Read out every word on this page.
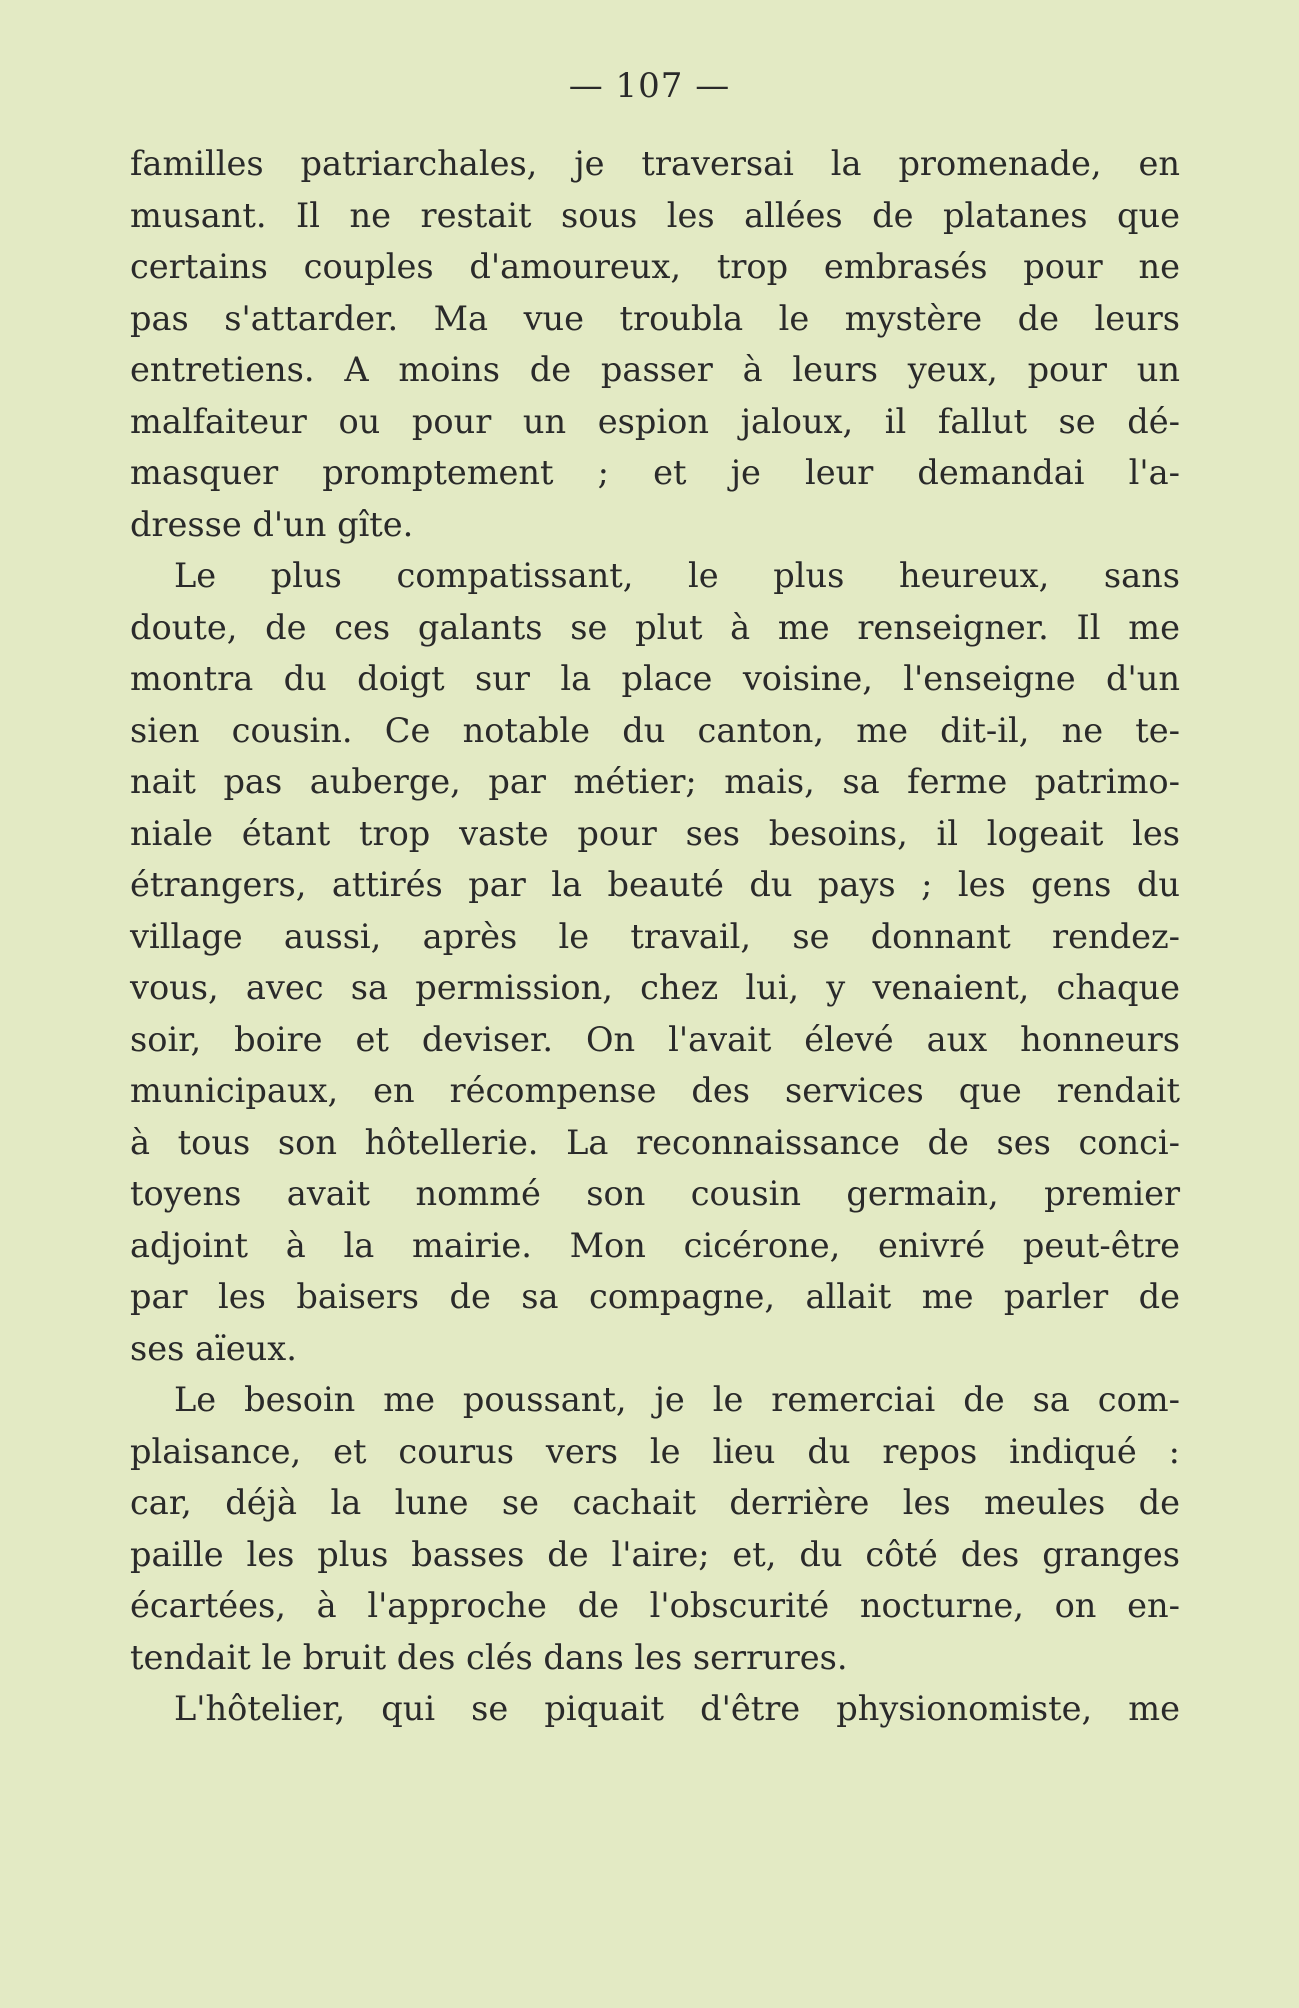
— 107 —
familles patriarchales, je traversai la promenade, en
musant. Il ne restait sous les allées de platanes que
certains couples d'amoureux, trop embrasés pour ne
pas s'attarder. Ma vue troubla le mystère de leurs
entretiens. A moins de passer à leurs yeux, pour un
malfaiteur ou pour un espion jaloux, il fallut se dé-
masquer promptement ; et je leur demandai l'a-
dresse d'un gîte.
Le plus compatissant, le plus heureux, sans
doute, de ces galants se plut à me renseigner. Il me
montra du doigt sur la place voisine, l'enseigne d'un
sien cousin. Ce notable du canton, me dit-il, ne te-
nait pas auberge, par métier; mais, sa ferme patrimo-
niale étant trop vaste pour ses besoins, il logeait les
étrangers, attirés par la beauté du pays ; les gens du
village aussi, après le travail, se donnant rendez-
vous, avec sa permission, chez lui, y venaient, chaque
soir, boire et deviser. On l'avait élevé aux honneurs
municipaux, en récompense des services que rendait
à tous son hôtellerie. La reconnaissance de ses conci-
toyens avait nommé son cousin germain, premier
adjoint à la mairie. Mon cicérone, enivré peut-être
par les baisers de sa compagne, allait me parler de
ses aïeux.
Le besoin me poussant, je le remerciai de sa com-
plaisance, et courus vers le lieu du repos indiqué :
car, déjà la lune se cachait derrière les meules de
paille les plus basses de l'aire; et, du côté des granges
écartées, à l'approche de l'obscurité nocturne, on en-
tendait le bruit des clés dans les serrures.
L'hôtelier, qui se piquait d'être physionomiste, me
